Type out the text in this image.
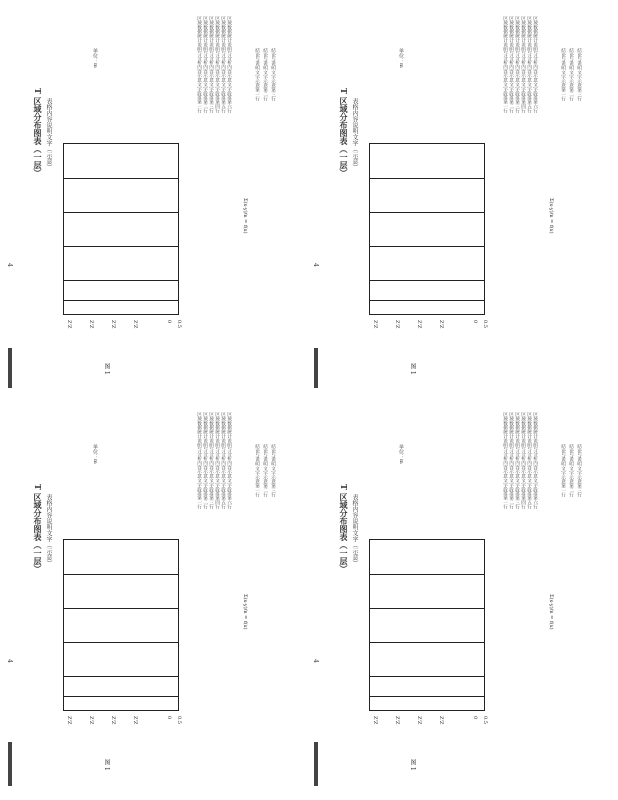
4
T 区域分布图表（一层） 表格内容说明文字（示意）
单位：m
Z'Z	Z'Z	Z'Z	Z'Z	0 0.5
图 1
区域数据统计说明与分析内容示意文字段落第一行 区域数据统计说明与分析内容示意文字段落第二行 区域数据统计说明与分析内容示意文字段落第三行 区域数据统计说明与分析内容示意文字段落第四行 区域数据统计说明与分析内容示意文字段落第五行 区域数据统计说明与分析内容示意文字段落第六行
Σ(x·y)/n = f(x)
结论与说明文字示意第一行 结论与说明文字示意第二行 结论与说明文字示意第三行
4
T 区域分布图表（一层） 表格内容说明文字（示意）
单位：m
Z'Z	Z'Z	Z'Z	Z'Z	0 0.5
图 1
区域数据统计说明与分析内容示意文字段落第一行 区域数据统计说明与分析内容示意文字段落第二行 区域数据统计说明与分析内容示意文字段落第三行 区域数据统计说明与分析内容示意文字段落第四行 区域数据统计说明与分析内容示意文字段落第五行 区域数据统计说明与分析内容示意文字段落第六行
Σ(x·y)/n = f(x)
结论与说明文字示意第一行 结论与说明文字示意第二行 结论与说明文字示意第三行
4
T 区域分布图表（一层） 表格内容说明文字（示意）
单位：m
Z'Z	Z'Z	Z'Z	Z'Z	0 0.5
图 1
区域数据统计说明与分析内容示意文字段落第一行 区域数据统计说明与分析内容示意文字段落第二行 区域数据统计说明与分析内容示意文字段落第三行 区域数据统计说明与分析内容示意文字段落第四行 区域数据统计说明与分析内容示意文字段落第五行 区域数据统计说明与分析内容示意文字段落第六行
Σ(x·y)/n = f(x)
结论与说明文字示意第一行 结论与说明文字示意第二行 结论与说明文字示意第三行
4
T 区域分布图表（一层） 表格内容说明文字（示意）
单位：m
Z'Z	Z'Z	Z'Z	Z'Z	0 0.5
图 1
区域数据统计说明与分析内容示意文字段落第一行 区域数据统计说明与分析内容示意文字段落第二行 区域数据统计说明与分析内容示意文字段落第三行 区域数据统计说明与分析内容示意文字段落第四行 区域数据统计说明与分析内容示意文字段落第五行 区域数据统计说明与分析内容示意文字段落第六行
Σ(x·y)/n = f(x)
结论与说明文字示意第一行 结论与说明文字示意第二行 结论与说明文字示意第三行
